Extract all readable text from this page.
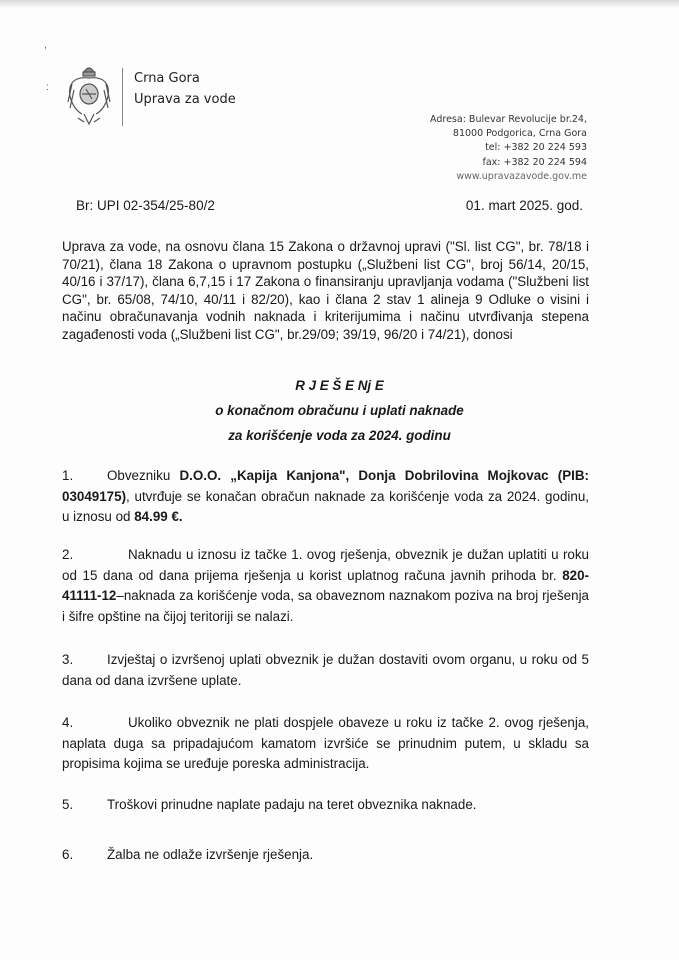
,
:
Crna Gora
Uprava za vode
Adresa: Bulevar Revolucije br.24,
81000 Podgorica, Crna Gora
tel: +382 20 224 593
fax: +382 20 224 594
www.upravazavode.gov.me
Br: UPI 02-354/25-80/2	01. mart 2025. god.
Uprava za vode, na osnovu člana 15 Zakona o državnoj upravi ("Sl. list CG", br. 78/18 i 70/21), člana 18 Zakona o upravnom postupku („Službeni list CG", broj 56/14, 20/15, 40/16 i 37/17), člana 6,7,15 i 17 Zakona o finansiranju upravljanja vodama ("Službeni list CG", br. 65/08, 74/10, 40/11 i 82/20), kao i člana 2 stav 1 alineja 9 Odluke o visini i načinu obračunavanja vodnih naknada i kriterijumima i načinu utvrđivanja stepena zagađenosti voda („Službeni list CG", br.29/09; 39/19, 96/20 i 74/21), donosi
R J E Š E Nj E
o konačnom obračunu i uplati naknade
za korišćenje voda za 2024. godinu
1.	Obvezniku D.O.O. „Kapija Kanjona", Donja Dobrilovina Mojkovac (PIB: 03049175), utvrđuje se konačan obračun naknade za korišćenje voda za 2024. godinu, u iznosu od 84.99 €.
2.	Naknadu u iznosu iz tačke 1. ovog rješenja, obveznik je dužan uplatiti u roku od 15 dana od dana prijema rješenja u korist uplatnog računa javnih prihoda br. 820-41111-12–naknada za korišćenje voda, sa obaveznom naznakom poziva na broj rješenja i šifre opštine na čijoj teritoriji se nalazi.
3.	Izvještaj o izvršenoj uplati obveznik je dužan dostaviti ovom organu, u roku od 5 dana od dana izvršene uplate.
4.	Ukoliko obveznik ne plati dospjele obaveze u roku iz tačke 2. ovog rješenja, naplata duga sa pripadajućom kamatom izvršiće se prinudnim putem, u skladu sa propisima kojima se uređuje poreska administracija.
5.	Troškovi prinudne naplate padaju na teret obveznika naknade.
6.	Žalba ne odlaže izvršenje rješenja.
